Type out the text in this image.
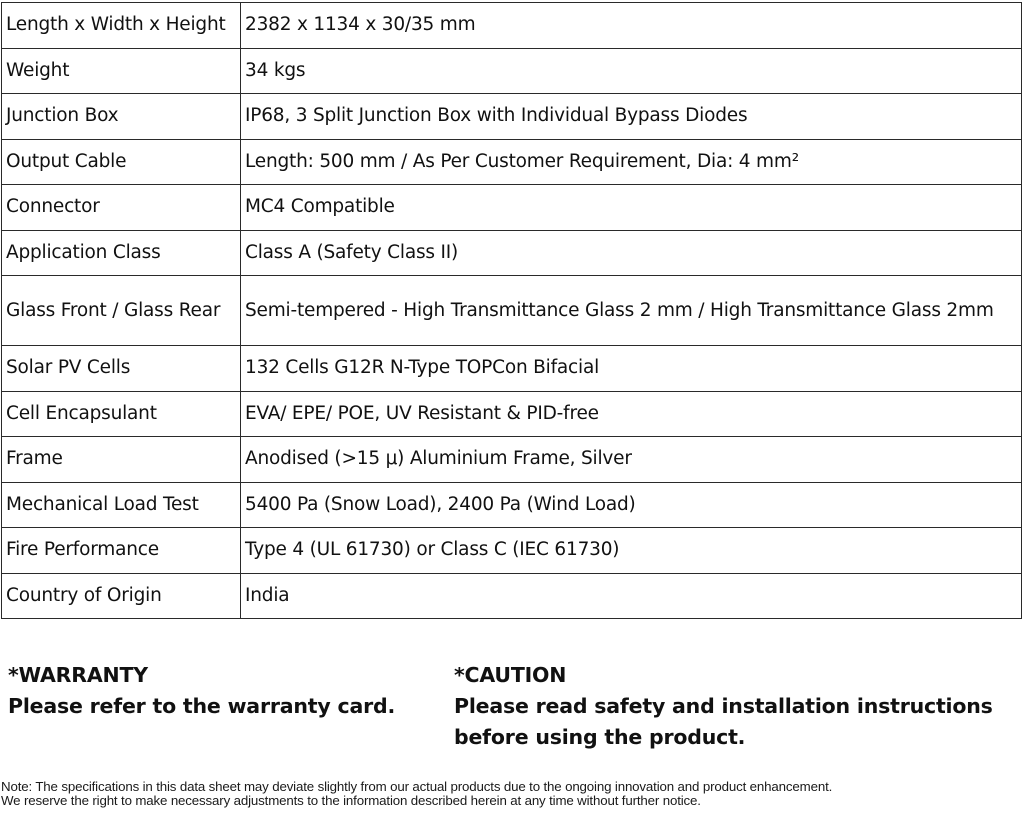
Length x Width x Height	2382 x 1134 x 30/35 mm
Weight	34 kgs
Junction Box	IP68, 3 Split Junction Box with Individual Bypass Diodes
Output Cable	Length: 500 mm / As Per Customer Requirement, Dia: 4 mm²
Connector	MC4 Compatible
Application Class	Class A (Safety Class II)
Glass Front / Glass Rear	Semi-tempered - High Transmittance Glass 2 mm / High Transmittance Glass 2mm
Solar PV Cells	132 Cells G12R N-Type TOPCon Bifacial
Cell Encapsulant	EVA/ EPE/ POE, UV Resistant & PID-free
Frame	Anodised (>15 μ) Aluminium Frame, Silver
Mechanical Load Test	5400 Pa (Snow Load), 2400 Pa (Wind Load)
Fire Performance	Type 4 (UL 61730) or Class C (IEC 61730)
Country of Origin	India
*WARRANTY
Please refer to the warranty card.
*CAUTION
Please read safety and installation instructions
before using the product.
Note: The specifications in this data sheet may deviate slightly from our actual products due to the ongoing innovation and product enhancement.
We reserve the right to make necessary adjustments to the information described herein at any time without further notice.
